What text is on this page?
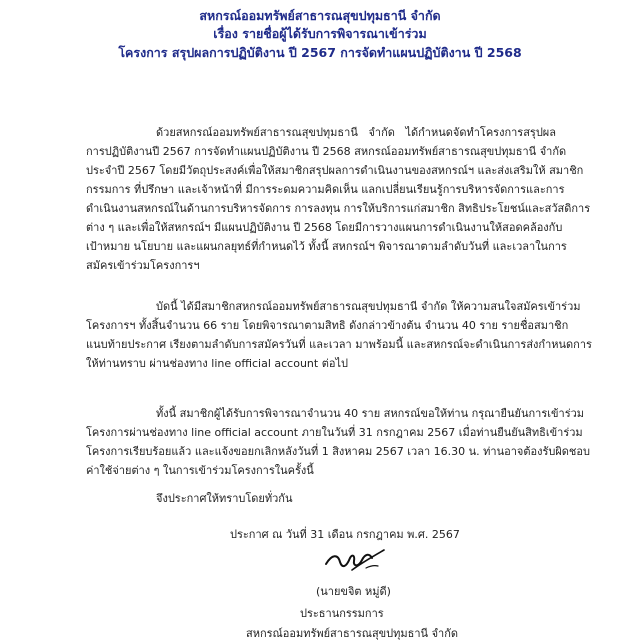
สหกรณ์ออมทรัพย์สาธารณสุขปทุมธานี จำกัด
เรื่อง รายชื่อผู้ได้รับการพิจารณาเข้าร่วม
โครงการ สรุปผลการปฏิบัติงาน ปี 2567 การจัดทำแผนปฏิบัติงาน ปี 2568
ด้วยสหกรณ์ออมทรัพย์สาธารณสุขปทุมธานี จำกัด ได้กำหนดจัดทำโครงการสรุปผล
การปฏิบัติงานปี 2567 การจัดทำแผนปฏิบัติงาน ปี 2568 สหกรณ์ออมทรัพย์สาธารณสุขปทุมธานี จำกัด
ประจำปี 2567 โดยมีวัตถุประสงค์เพื่อให้สมาชิกสรุปผลการดำเนินงานของสหกรณ์ฯ และส่งเสริมให้ สมาชิก
กรรมการ ที่ปรึกษา และเจ้าหน้าที่ มีการระดมความคิดเห็น แลกเปลี่ยนเรียนรู้การบริหารจัดการและการ
ดำเนินงานสหกรณ์ในด้านการบริหารจัดการ การลงทุน การให้บริการแก่สมาชิก สิทธิประโยชน์และสวัสดิการ
ต่าง ๆ และเพื่อให้สหกรณ์ฯ มีแผนปฏิบัติงาน ปี 2568 โดยมีการวางแผนการดำเนินงานให้สอดคล้องกับ
เป้าหมาย นโยบาย และแผนกลยุทธ์ที่กำหนดไว้ ทั้งนี้ สหกรณ์ฯ พิจารณาตามลำดับวันที่ และเวลาในการ
สมัครเข้าร่วมโครงการฯ
บัดนี้ ได้มีสมาชิกสหกรณ์ออมทรัพย์สาธารณสุขปทุมธานี จำกัด ให้ความสนใจสมัครเข้าร่วม
โครงการฯ ทั้งสิ้นจำนวน 66 ราย โดยพิจารณาตามสิทธิ ดังกล่าวข้างต้น จำนวน 40 ราย รายชื่อสมาชิก
แนบท้ายประกาศ เรียงตามลำดับการสมัครวันที่ และเวลา มาพร้อมนี้ และสหกรณ์จะดำเนินการส่งกำหนดการ
ให้ท่านทราบ ผ่านช่องทาง line official account ต่อไป
ทั้งนี้ สมาชิกผู้ได้รับการพิจารณาจำนวน 40 ราย สหกรณ์ขอให้ท่าน กรุณายืนยันการเข้าร่วม
โครงการผ่านช่องทาง line official account ภายในวันที่ 31 กรกฎาคม 2567 เมื่อท่านยืนยันสิทธิเข้าร่วม
โครงการเรียบร้อยแล้ว และแจ้งขอยกเลิกหลังวันที่ 1 สิงหาคม 2567 เวลา 16.30 น. ท่านอาจต้องรับผิดชอบ
ค่าใช้จ่ายต่าง ๆ ในการเข้าร่วมโครงการในครั้งนี้
จึงประกาศให้ทราบโดยทั่วกัน
ประกาศ ณ วันที่ 31 เดือน กรกฎาคม พ.ศ. 2567
(นายขจิต หมู่ดี)
ประธานกรรมการ
สหกรณ์ออมทรัพย์สาธารณสุขปทุมธานี จำกัด
